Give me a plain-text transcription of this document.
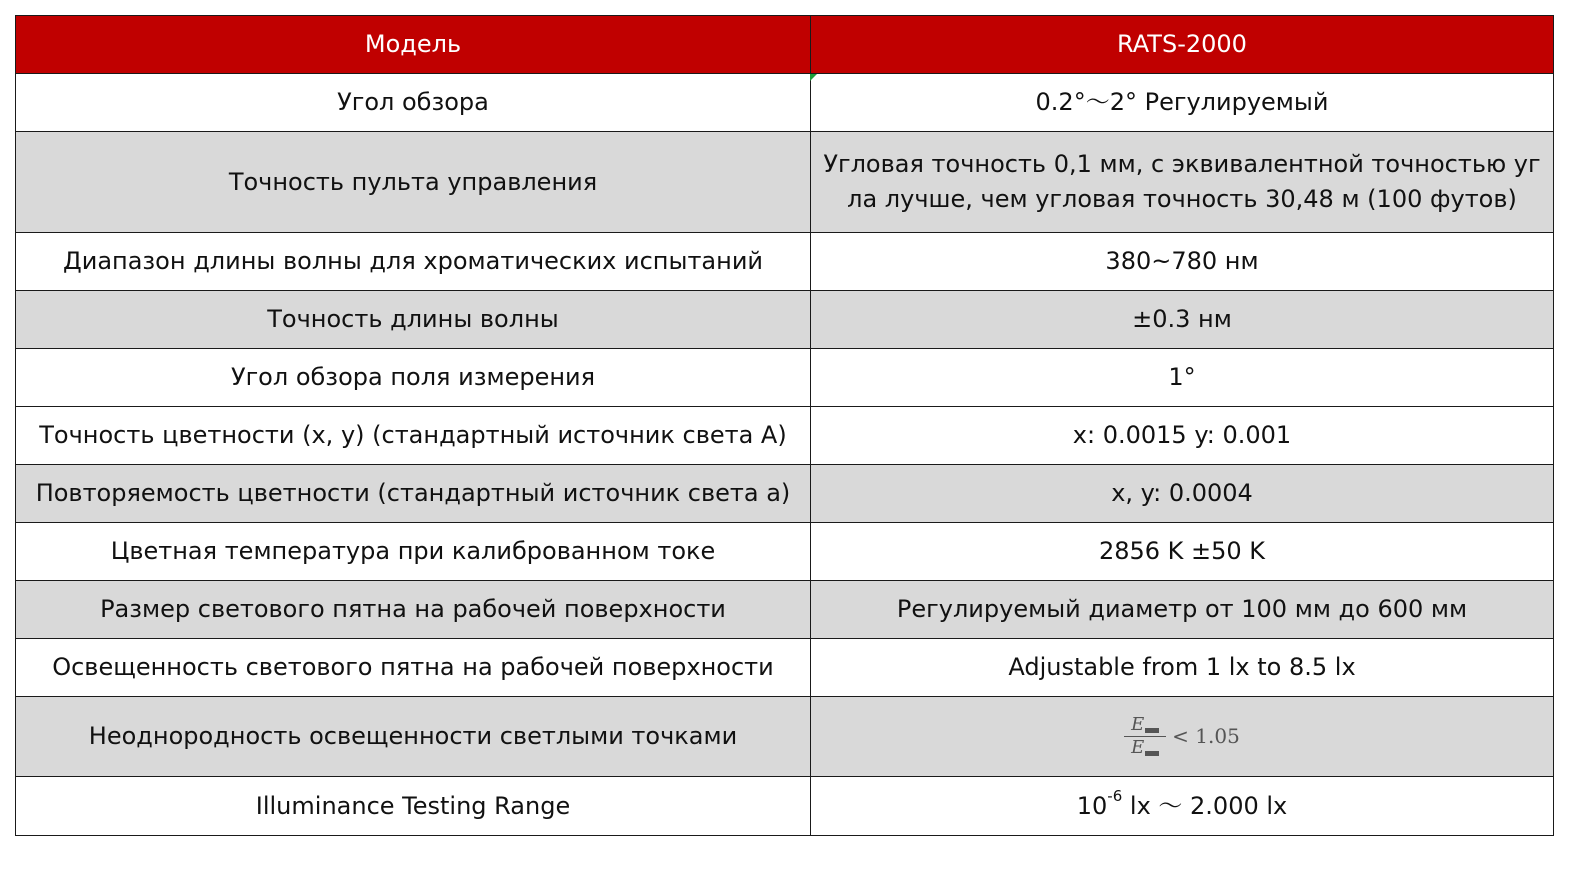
Модель	RATS-2000
Угол обзора	0.2°～2° Регулируемый
Точность пульта управления	Угловая точность 0,1 мм, с эквивалентной точностью угла лучше, чем угловая точность 30,48 м (100 футов)

Диапазон длины волны для хроматических испытаний	380~780 нм
Точность длины волны	±0.3 нм
Угол обзора поля измерения	1°
Точность цветности (x, y) (стандартный источник света A)	x: 0.0015 y: 0.001
Повторяемость цветности (стандартный источник света a)	x, y: 0.0004
Цветная температура при калиброванном токе	2856 K ±50 K
Размер светового пятна на рабочей поверхности	Регулируемый диаметр от 100 мм до 600 мм
Освещенность светового пятна на рабочей поверхности	Adjustable from 1 lx to 8.5 lx
Неоднородность освещенности светлыми точками	$\frac{E}{E} < 1.05$

Illuminance Testing Range	$10^{-6}$ lx ～ 2.000 lx
